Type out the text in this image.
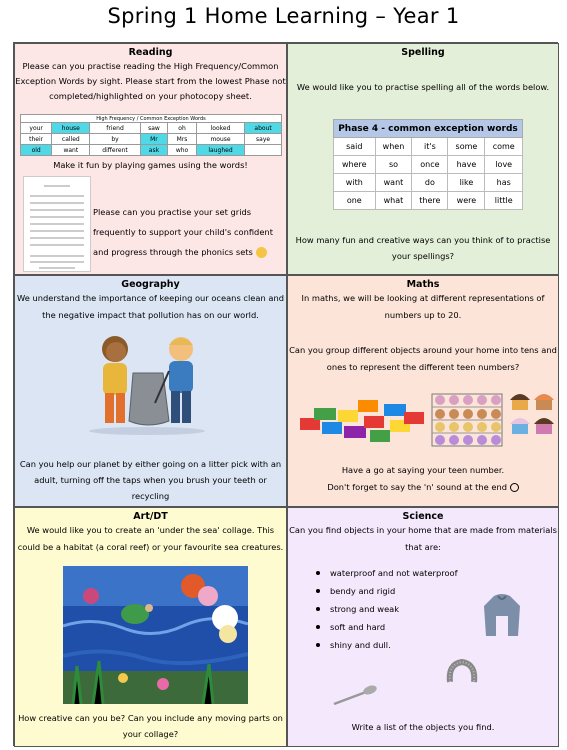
Spring 1 Home Learning – Year 1
Reading
Please can you practise reading the High Frequency/Common
Exception Words by sight. Please start from the lowest Phase not
completed/highlighted on your photocopy sheet.
High Frequency / Common Exception Words						
your	house	friend	saw	oh	looked	about
their	called	by	Mr	Mrs	mouse	saye
old	want	different	ask	who	laughed	
Make it fun by playing games using the words!
Please can you practise your set grids
frequently to support your child's confident
and progress through the phonics sets
Spelling
We would like you to practise spelling all of the words below.
Phase 4 - common exception words				
said	when	it's	some	come
where	so	once	have	love
with	want	do	like	has
one	what	there	were	little
How many fun and creative ways can you think of to practise
your spellings?
Geography
We understand the importance of keeping our oceans clean and
the negative impact that pollution has on our world.
Can you help our planet by either going on a litter pick with an
adult, turning off the taps when you brush your teeth or recycling
Maths
In maths, we will be looking at different representations of
numbers up to 20.
Can you group different objects around your home into tens and
ones to represent the different teen numbers?
Have a go at saying your teen number.
Don't forget to say the 'n' sound at the end
Art/DT
We would like you to create an 'under the sea' collage. This
could be a habitat (a coral reef) or your favourite sea creatures.
How creative can you be? Can you include any moving parts on
your collage?
Science
Can you find objects in your home that are made from materials
that are:
waterproof and not waterproof
bendy and rigid
strong and weak
soft and hard
shiny and dull.
Write a list of the objects you find.
